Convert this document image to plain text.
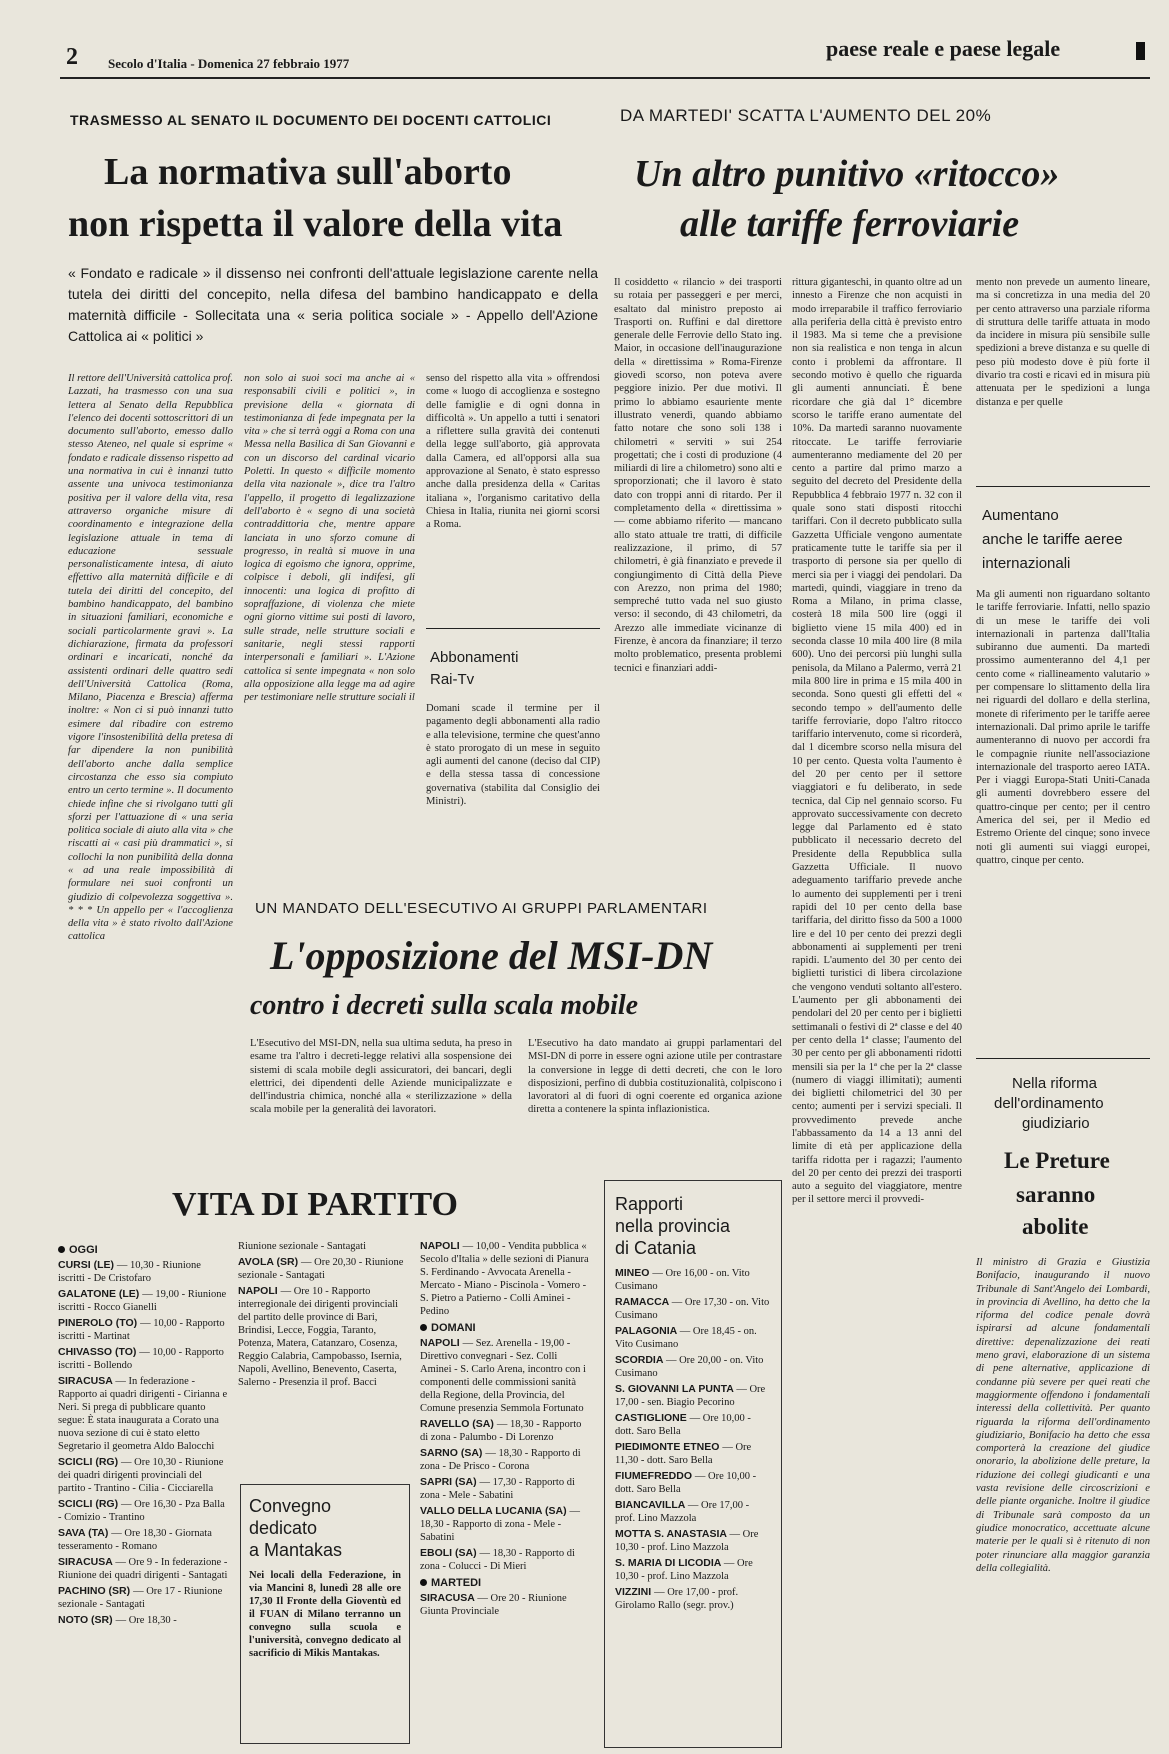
2 Secolo d'Italia - Domenica 27 febbraio 1977
paese reale e paese legale
TRASMESSO AL SENATO IL DOCUMENTO DEI DOCENTI CATTOLICI
La normativa sull'aborto
non rispetta il valore della vita
« Fondato e radicale » il dissenso nei confronti dell'attuale legislazione carente nella tutela dei diritti del concepito, nella difesa del bambino handicappato e della maternità difficile - Sollecitata una « seria politica sociale » - Appello dell'Azione Cattolica ai « politici »
Il rettore dell'Università cattolica prof. Lazzati, ha trasmesso con una sua lettera al Senato della Repubblica l'elenco dei docenti sottoscrittori di un documento sull'aborto, emesso dallo stesso Ateneo, nel quale si esprime « fondato e radicale dissenso rispetto ad una normativa in cui è innanzi tutto assente una univoca testimonianza positiva per il valore della vita, resa attraverso organiche misure di coordinamento e integrazione della legislazione attuale in tema di educazione sessuale personalisticamente intesa, di aiuto effettivo alla maternità difficile e di tutela dei diritti del concepito, del bambino handicappato, del bambino in situazioni familiari, economiche e sociali particolarmente gravi ». La dichiarazione, firmata da professori ordinari e incaricati, nonché da assistenti ordinari delle quattro sedi dell'Università Cattolica (Roma, Milano, Piacenza e Brescia) afferma inoltre: « Non ci si può innanzi tutto esimere dal ribadire con estremo vigore l'insostenibilità della pretesa di far dipendere la non punibilità dell'aborto anche dalla semplice circostanza che esso sia compiuto entro un certo termine ». Il documento chiede infine che si rivolgano tutti gli sforzi per l'attuazione di « una seria politica sociale di aiuto alla vita » che riscatti ai « casi più drammatici », si collochi la non punibilità della donna « ad una reale impossibilità di formulare nei suoi confronti un giudizio di colpevolezza soggettiva ». * * * Un appello per « l'accoglienza della vita » è stato rivolto dall'Azione cattolica
non solo ai suoi soci ma anche ai « responsabili civili e politici », in previsione della « giornata di testimonianza di fede impegnata per la vita » che si terrà oggi a Roma con una Messa nella Basilica di San Giovanni e con un discorso del cardinal vicario Poletti. In questo « difficile momento della vita nazionale », dice tra l'altro l'appello, il progetto di legalizzazione dell'aborto è « segno di una società contraddittoria che, mentre appare lanciata in uno sforzo comune di progresso, in realtà si muove in una logica di egoismo che ignora, opprime, colpisce i deboli, gli indifesi, gli innocenti: una logica di profitto di sopraffazione, di violenza che miete ogni giorno vittime sui posti di lavoro, sulle strade, nelle strutture sociali e sanitarie, negli stessi rapporti interpersonali e familiari ». L'Azione cattolica si sente impegnata « non solo alla opposizione alla legge ma ad agire per testimoniare nelle strutture sociali il
senso del rispetto alla vita » offrendosi come « luogo di accoglienza e sostegno delle famiglie e di ogni donna in difficoltà ». Un appello a tutti i senatori a riflettere sulla gravità dei contenuti della legge sull'aborto, già approvata dalla Camera, ed all'opporsi alla sua approvazione al Senato, è stato espresso anche dalla presidenza della « Caritas italiana », l'organismo caritativo della Chiesa in Italia, riunita nei giorni scorsi a Roma.
Abbonamenti
Rai-Tv
Domani scade il termine per il pagamento degli abbonamenti alla radio e alla televisione, termine che quest'anno è stato prorogato di un mese in seguito agli aumenti del canone (deciso dal CIP) e della stessa tassa di concessione governativa (stabilita dal Consiglio dei Ministri).
DA MARTEDI' SCATTA L'AUMENTO DEL 20%
Un altro punitivo «ritocco»
alle tariffe ferroviarie
Il cosiddetto « rilancio » dei trasporti su rotaia per passeggeri e per merci, esaltato dal ministro preposto ai Trasporti on. Ruffini e dal direttore generale delle Ferrovie dello Stato ing. Maior, in occasione dell'inaugurazione della « direttissima » Roma-Firenze giovedì scorso, non poteva avere peggiore inizio. Per due motivi. Il primo lo abbiamo esauriente mente illustrato venerdì, quando abbiamo fatto notare che sono soli 138 i chilometri « serviti » sui 254 progettati; che i costi di produzione (4 miliardi di lire a chilometro) sono alti e sproporzionati; che il lavoro è stato dato con troppi anni di ritardo. Per il completamento della « direttissima » — come abbiamo riferito — mancano allo stato attuale tre tratti, di difficile realizzazione, il primo, di 57 chilometri, è già finanziato e prevede il congiungimento di Città della Pieve con Arezzo, non prima del 1980; sempreché tutto vada nel suo giusto verso: il secondo, di 43 chilometri, da Arezzo alle immediate vicinanze di Firenze, è ancora da finanziare; il terzo molto problematico, presenta problemi tecnici e finanziari addi-
rittura giganteschi, in quanto oltre ad un innesto a Firenze che non acquisti in modo irreparabile il traffico ferroviario alla periferia della città è previsto entro il 1983. Ma si teme che a previsione non sia realistica e non tenga in alcun conto i problemi da affrontare. Il secondo motivo è quello che riguarda gli aumenti annunciati. È bene ricordare che già dal 1° dicembre scorso le tariffe erano aumentate del 10%. Da martedì saranno nuovamente ritoccate. Le tariffe ferroviarie aumenteranno mediamente del 20 per cento a partire dal primo marzo a seguito del decreto del Presidente della Repubblica 4 febbraio 1977 n. 32 con il quale sono stati disposti ritocchi tariffari. Con il decreto pubblicato sulla Gazzetta Ufficiale vengono aumentate praticamente tutte le tariffe sia per il trasporto di persone sia per quello di merci sia per i viaggi dei pendolari. Da martedì, quindi, viaggiare in treno da Roma a Milano, in prima classe, costerà 18 mila 500 lire (oggi il biglietto viene 15 mila 400) ed in seconda classe 10 mila 400 lire (8 mila 600). Uno dei percorsi più lunghi sulla penisola, da Milano a Palermo, verrà 21 mila 800 lire in prima e 15 mila 400 in seconda. Sono questi gli effetti del « secondo tempo » dell'aumento delle tariffe ferroviarie, dopo l'altro ritocco tariffario intervenuto, come si ricorderà, dal 1 dicembre scorso nella misura del 10 per cento. Questa volta l'aumento è del 20 per cento per il settore viaggiatori e fu deliberato, in sede tecnica, dal Cip nel gennaio scorso. Fu approvato successivamente con decreto legge dal Parlamento ed è stato pubblicato il necessario decreto del Presidente della Repubblica sulla Gazzetta Ufficiale. Il nuovo adeguamento tariffario prevede anche lo aumento dei supplementi per i treni rapidi del 10 per cento della base tariffaria, del diritto fisso da 500 a 1000 lire e del 10 per cento dei prezzi degli abbonamenti ai supplementi per treni rapidi. L'aumento del 30 per cento dei biglietti turistici di libera circolazione che vengono venduti soltanto all'estero. L'aumento per gli abbonamenti dei pendolari del 20 per cento per i biglietti settimanali o festivi di 2ª classe e del 40 per cento della 1ª classe; l'aumento del 30 per cento per gli abbonamenti ridotti mensili sia per la 1ª che per la 2ª classe (numero di viaggi illimitati); aumenti dei biglietti chilometrici del 30 per cento; aumenti per i servizi speciali. Il provvedimento prevede anche l'abbassamento da 14 a 13 anni del limite di età per applicazione della tariffa ridotta per i ragazzi; l'aumento del 20 per cento dei prezzi dei trasporti auto a seguito del viaggiatore, mentre per il settore merci il provvedi-
mento non prevede un aumento lineare, ma si concretizza in una media del 20 per cento attraverso una parziale riforma di struttura delle tariffe attuata in modo da incidere in misura più sensibile sulle spedizioni a breve distanza e su quelle di peso più modesto dove è più forte il divario tra costi e ricavi ed in misura più attenuata per le spedizioni a lunga distanza e per quelle
Aumentano
anche le tariffe aeree
internazionali
Ma gli aumenti non riguardano soltanto le tariffe ferroviarie. Infatti, nello spazio di un mese le tariffe dei voli internazionali in partenza dall'Italia subiranno due aumenti. Da martedì prossimo aumenteranno del 4,1 per cento come « riallineamento valutario » per compensare lo slittamento della lira nei riguardi del dollaro e della sterlina, monete di riferimento per le tariffe aeree internazionali. Dal primo aprile le tariffe aumenteranno di nuovo per accordi fra le compagnie riunite nell'associazione internazionale del trasporto aereo IATA. Per i viaggi Europa-Stati Uniti-Canada gli aumenti dovrebbero essere del quattro-cinque per cento; per il centro America del sei, per il Medio ed Estremo Oriente del cinque; sono invece noti gli aumenti sui viaggi europei, quattro, cinque per cento.
UN MANDATO DELL'ESECUTIVO AI GRUPPI PARLAMENTARI
L'opposizione del MSI-DN
contro i decreti sulla scala mobile
L'Esecutivo del MSI-DN, nella sua ultima seduta, ha preso in esame tra l'altro i decreti-legge relativi alla sospensione dei sistemi di scala mobile degli assicuratori, dei bancari, degli elettrici, dei dipendenti delle Aziende municipalizzate e dell'industria chimica, nonché alla « sterilizzazione » della scala mobile per la generalità dei lavoratori.
L'Esecutivo ha dato mandato ai gruppi parlamentari del MSI-DN di porre in essere ogni azione utile per contrastare la conversione in legge di detti decreti, che con le loro disposizioni, perfino di dubbia costituzionalità, colpiscono i lavoratori al di fuori di ogni coerente ed organica azione diretta a contenere la spinta inflazionistica.
Nella riforma
dell'ordinamento
giudiziario
Le Preture
saranno
abolite
Il ministro di Grazia e Giustizia Bonifacio, inaugurando il nuovo Tribunale di Sant'Angelo dei Lombardi, in provincia di Avellino, ha detto che la riforma del codice penale dovrà ispirarsi ad alcune fondamentali direttive: depenalizzazione dei reati meno gravi, elaborazione di un sistema di pene alternative, applicazione di condanne più severe per quei reati che maggiormente offendono i fondamentali interessi della collettività. Per quanto riguarda la riforma dell'ordinamento giudiziario, Bonifacio ha detto che essa comporterà la creazione del giudice onorario, la abolizione delle preture, la riduzione dei collegi giudicanti e una vasta revisione delle circoscrizioni e delle piante organiche. Inoltre il giudice di Tribunale sarà composto da un giudice monocratico, accettuate alcune materie per le quali sì è ritenuto di non poter rinunciare alla maggior garanzia della collegialità.
VITA DI PARTITO
OGGI
CURSI (LE) — 10,30 - Riunione iscritti - De Cristofaro
GALATONE (LE) — 19,00 - Riunione iscritti - Rocco Gianelli
PINEROLO (TO) — 10,00 - Rapporto iscritti - Martinat
CHIVASSO (TO) — 10,00 - Rapporto iscritti - Bollendo
SIRACUSA — In federazione - Rapporto ai quadri dirigenti - Cirianna e Neri. Si prega di pubblicare quanto segue: È stata inaugurata a Corato una nuova sezione di cui è stato eletto Segretario il geometra Aldo Balocchi
SCICLI (RG) — Ore 10,30 - Riunione dei quadri dirigenti provinciali del partito - Trantino - Cilia - Cicciarella
SCICLI (RG) — Ore 16,30 - Pza Balla - Comizio - Trantino
SAVA (TA) — Ore 18,30 - Giornata tesseramento - Romano
SIRACUSA — Ore 9 - In federazione - Riunione dei quadri dirigenti - Santagati
PACHINO (SR) — Ore 17 - Riunione sezionale - Santagati
NOTO (SR) — Ore 18,30 -
Riunione sezionale - Santagati
AVOLA (SR) — Ore 20,30 - Riunione sezionale - Santagati
NAPOLI — Ore 10 - Rapporto interregionale dei dirigenti provinciali del partito delle province di Bari, Brindisi, Lecce, Foggia, Taranto, Potenza, Matera, Catanzaro, Cosenza, Reggio Calabria, Campobasso, Isernia, Napoli, Avellino, Benevento, Caserta, Salerno - Presenzia il prof. Bacci
Convegno
dedicato
a Mantakas
Nei locali della Federazione, in via Mancini 8, lunedì 28 alle ore 17,30 Il Fronte della Gioventù ed il FUAN di Milano terranno un convegno sulla scuola e l'università, convegno dedicato al sacrificio di Mikis Mantakas.
NAPOLI — 10,00 - Vendita pubblica « Secolo d'Italia » delle sezioni di Pianura S. Ferdinando - Avvocata Arenella - Mercato - Miano - Piscinola - Vomero - S. Pietro a Patierno - Colli Aminei - Pedino
DOMANI
NAPOLI — Sez. Arenella - 19,00 - Direttivo convegnari - Sez. Colli Aminei - S. Carlo Arena, incontro con i componenti delle commissioni sanità della Regione, della Provincia, del Comune presenzia Semmola Fortunato
RAVELLO (SA) — 18,30 - Rapporto di zona - Palumbo - Di Lorenzo
SARNO (SA) — 18,30 - Rapporto di zona - De Prisco - Corona
SAPRI (SA) — 17,30 - Rapporto di zona - Mele - Sabatini
VALLO DELLA LUCANIA (SA) — 18,30 - Rapporto di zona - Mele - Sabatini
EBOLI (SA) — 18,30 - Rapporto di zona - Colucci - Di Mieri
MARTEDI
SIRACUSA — Ore 20 - Riunione Giunta Provinciale
Rapporti
nella provincia
di Catania
MINEO — Ore 16,00 - on. Vito Cusimano
RAMACCA — Ore 17,30 - on. Vito Cusimano
PALAGONIA — Ore 18,45 - on. Vito Cusimano
SCORDIA — Ore 20,00 - on. Vito Cusimano
S. GIOVANNI LA PUNTA — Ore 17,00 - sen. Biagio Pecorino
CASTIGLIONE — Ore 10,00 - dott. Saro Bella
PIEDIMONTE ETNEO — Ore 11,30 - dott. Saro Bella
FIUMEFREDDO — Ore 10,00 - dott. Saro Bella
BIANCAVILLA — Ore 17,00 - prof. Lino Mazzola
MOTTA S. ANASTASIA — Ore 10,30 - prof. Lino Mazzola
S. MARIA DI LICODIA — Ore 10,30 - prof. Lino Mazzola
VIZZINI — Ore 17,00 - prof. Girolamo Rallo (segr. prov.)
